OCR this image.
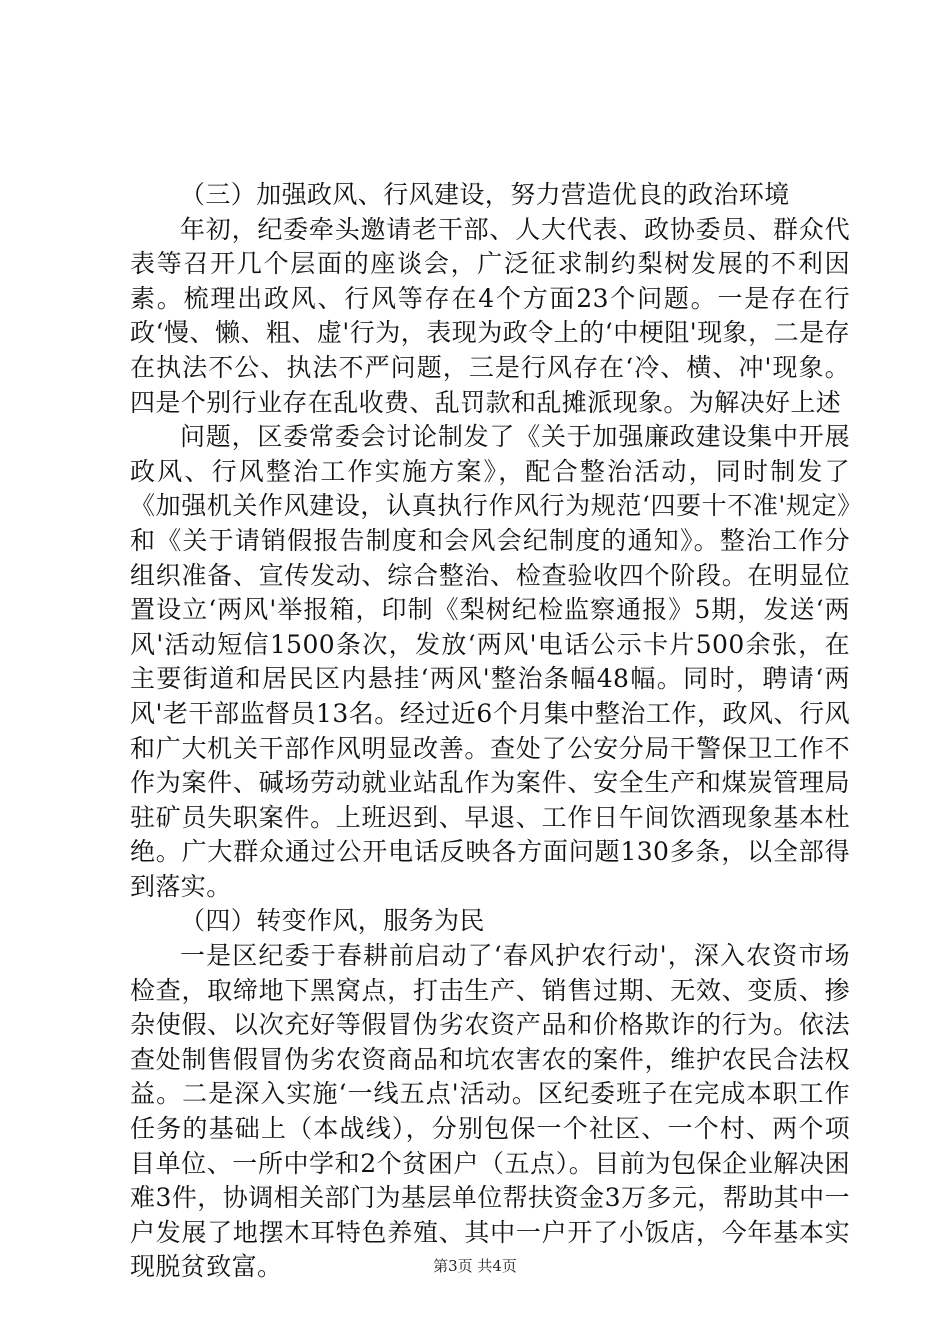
（三）加强政风、行风建设，努力营造优良的政治环境

年初，纪委牵头邀请老干部、人大代表、政协委员、群众代表等召开几个层面的座谈会，广泛征求制约梨树发展的不利因素。梳理出政风、行风等存在4个方面23个问题。一是存在行政‘慢、懒、粗、虚'行为，表现为政令上的‘中梗阻'现象，二是存在执法不公、执法不严问题，三是行风存在‘冷、横、冲'现象。四是个别行业存在乱收费、乱罚款和乱摊派现象。为解决好上述

问题，区委常委会讨论制发了《关于加强廉政建设集中开展政风、行风整治工作实施方案》，配合整治活动，同时制发了《加强机关作风建设，认真执行作风行为规范‘四要十不准'规定》和《关于请销假报告制度和会风会纪制度的通知》。整治工作分组织准备、宣传发动、综合整治、检查验收四个阶段。在明显位置设立‘两风'举报箱，印制《梨树纪检监察通报》5期，发送‘两风'活动短信1500条次，发放‘两风'电话公示卡片500余张，在主要街道和居民区内悬挂‘两风'整治条幅48幅。同时，聘请‘两风'老干部监督员13名。经过近6个月集中整治工作，政风、行风和广大机关干部作风明显改善。查处了公安分局干警保卫工作不作为案件、碱场劳动就业站乱作为案件、安全生产和煤炭管理局驻矿员失职案件。上班迟到、早退、工作日午间饮酒现象基本杜绝。广大群众通过公开电话反映各方面问题130多条，以全部得到落实。

（四）转变作风，服务为民

一是区纪委于春耕前启动了‘春风护农行动'，深入农资市场检查，取缔地下黑窝点，打击生产、销售过期、无效、变质、掺杂使假、以次充好等假冒伪劣农资产品和价格欺诈的行为。依法查处制售假冒伪劣农资商品和坑农害农的案件，维护农民合法权益。二是深入实施‘一线五点'活动。区纪委班子在完成本职工作任务的基础上（本战线），分别包保一个社区、一个村、两个项目单位、一所中学和2个贫困户（五点）。目前为包保企业解决困难3件，协调相关部门为基层单位帮扶资金3万多元，帮助其中一户发展了地摆木耳特色养殖、其中一户开了小饭店，今年基本实现脱贫致富。	第3页 共4页
